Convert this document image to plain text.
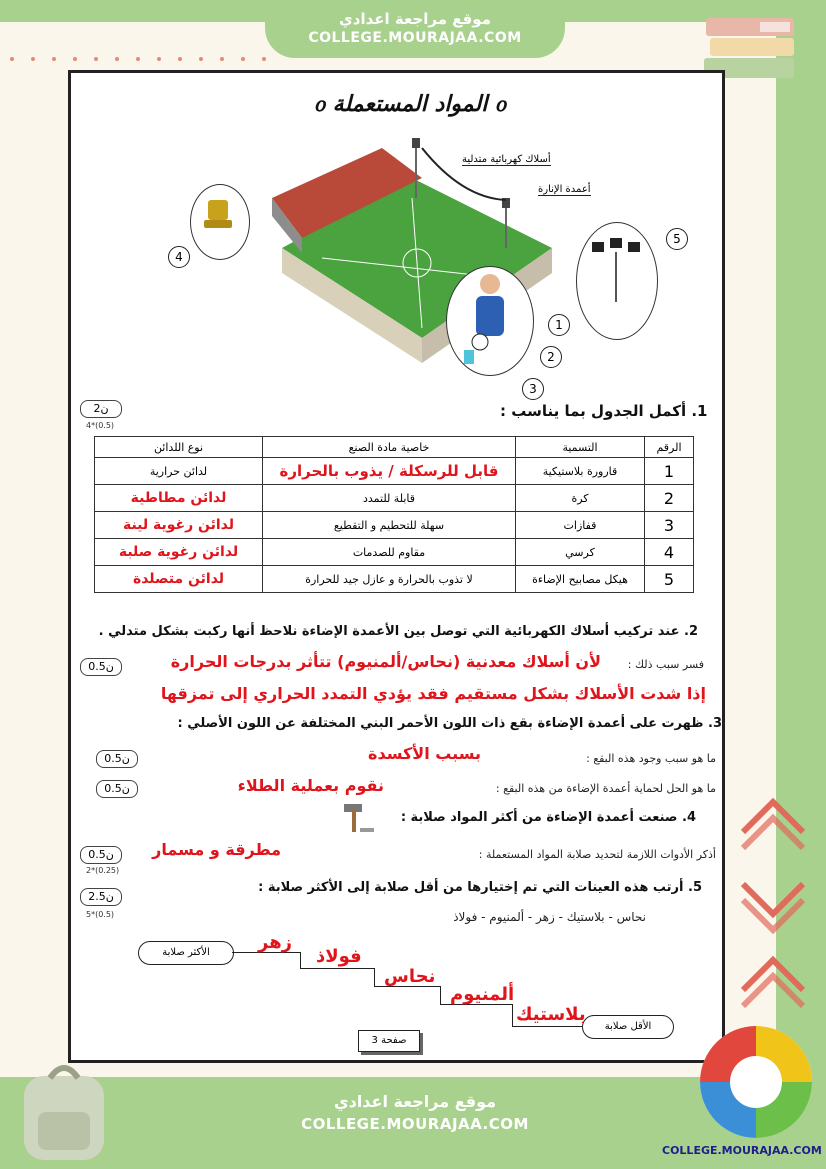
موقع مراجعة اعدادي
COLLEGE.MOURAJAA.COM
ᦞ المواد المستعملة ᦞ
أسلاك كهربائية متدلية
أعمدة الإنارة
4
5
1
2
3
1. أكمل الجدول بما يناسب :
2ن
4*(0.5)
الرقم	التسمية	خاصية مادة الصنع	نوع اللدائن
1	قارورة بلاستيكية	قابل للرسكلة / يذوب بالحرارة	لدائن حرارية
2	كرة	قابلة للتمدد	لدائن مطاطية
3	قفازات	سهلة للتحطيم و التقطيع	لدائن رغوية لينة
4	كرسي	مقاوم للصدمات	لدائن رغوية صلبة
5	هيكل مصابيح الإضاءة	لا تذوب بالحرارة و عازل جيد للحرارة	لدائن متصلدة
2. عند تركيب أسلاك الكهربائية التي توصل بين الأعمدة الإضاءة نلاحظ أنها ركبت بشكل متدلي .
فسر سبب ذلك :
0.5ن	لأن أسلاك معدنية (نحاس/ألمنيوم) تتأثر بدرجات الحرارة
إذا شدت الأسلاك بشكل مستقيم فقد يؤدي التمدد الحراري إلى تمزقها
3. ظهرت على أعمدة الإضاءة بقع ذات اللون الأحمر البني المختلفة عن اللون الأصلي :
ما هو سبب وجود هذه البقع :
بسبب الأكسدة
0.5ن
ما هو الحل لحماية أعمدة الإضاءة من هذه البقع :
نقوم بعملية الطلاء
0.5ن
4. صنعت أعمدة الإضاءة من أكثر المواد صلابة :
أذكر الأدوات اللازمة لتحديد صلابة المواد المستعملة :
مطرقة و مسمار
0.5ن
2*(0.25)
5. أرتب هذه العينات التي تم إختيارها من أقل صلابة إلى الأكثر صلابة :
2.5ن
5*(0.5)	نحاس - بلاستيك - زهر - ألمنيوم - فولاذ
الأكثر صلابة
الأقل صلابة
زهر
فولاذ
نحاس
ألمنيوم
بلاستيك
صفحة 3
COLLEGE.MOURAJAA.COM
موقع مراجعة اعدادي
COLLEGE.MOURAJAA.COM
